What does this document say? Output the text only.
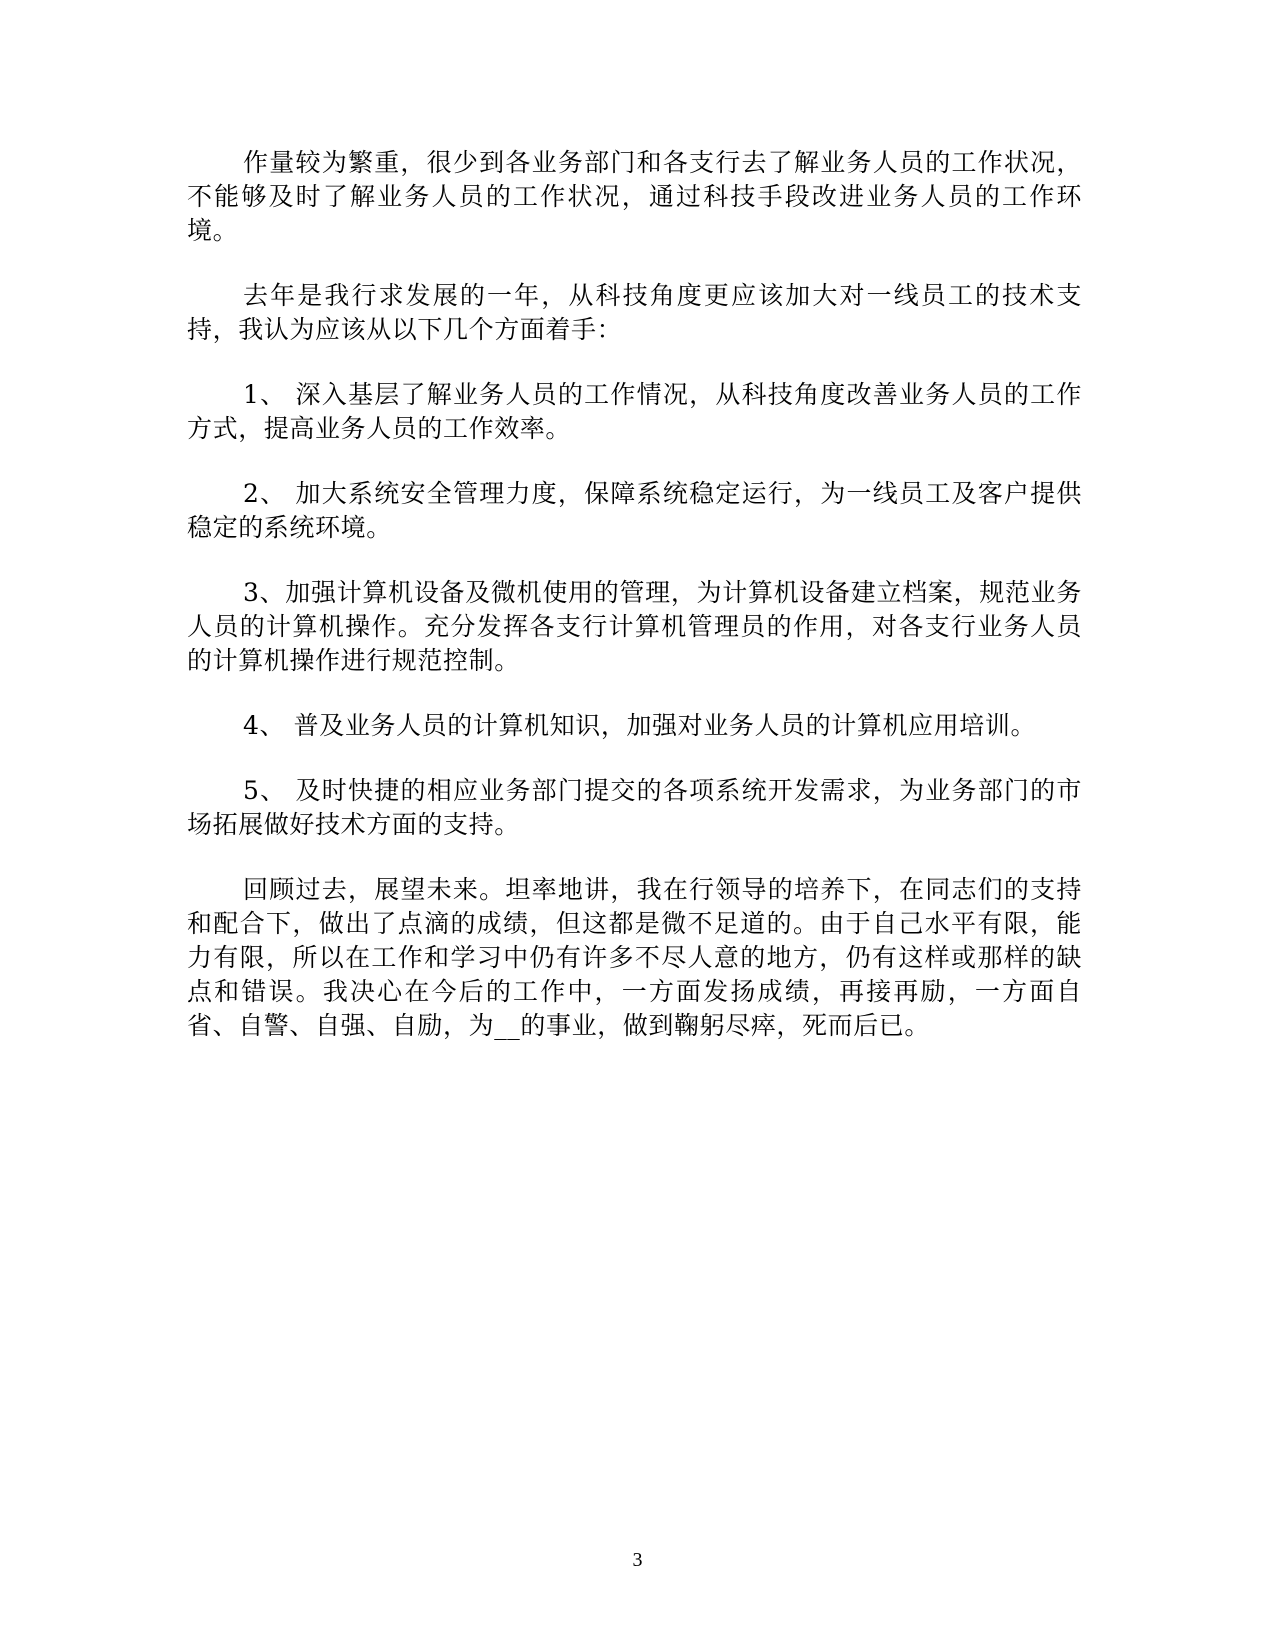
作量较为繁重，很少到各业务部门和各支行去了解业务人员的工作状况，不能够及时了解业务人员的工作状况，通过科技手段改进业务人员的工作环境。

去年是我行求发展的一年，从科技角度更应该加大对一线员工的技术支持，我认为应该从以下几个方面着手：

1、 深入基层了解业务人员的工作情况，从科技角度改善业务人员的工作方式，提高业务人员的工作效率。

2、 加大系统安全管理力度，保障系统稳定运行，为一线员工及客户提供稳定的系统环境。

3、加强计算机设备及微机使用的管理，为计算机设备建立档案，规范业务人员的计算机操作。充分发挥各支行计算机管理员的作用，对各支行业务人员的计算机操作进行规范控制。

4、 普及业务人员的计算机知识，加强对业务人员的计算机应用培训。

5、 及时快捷的相应业务部门提交的各项系统开发需求，为业务部门的市场拓展做好技术方面的支持。

回顾过去，展望未来。坦率地讲，我在行领导的培养下，在同志们的支持和配合下，做出了点滴的成绩，但这都是微不足道的。由于自己水平有限，能力有限，所以在工作和学习中仍有许多不尽人意的地方，仍有这样或那样的缺点和错误。我决心在今后的工作中，一方面发扬成绩，再接再励，一方面自省、自警、自强、自励，为__的事业，做到鞠躬尽瘁，死而后已。

3
